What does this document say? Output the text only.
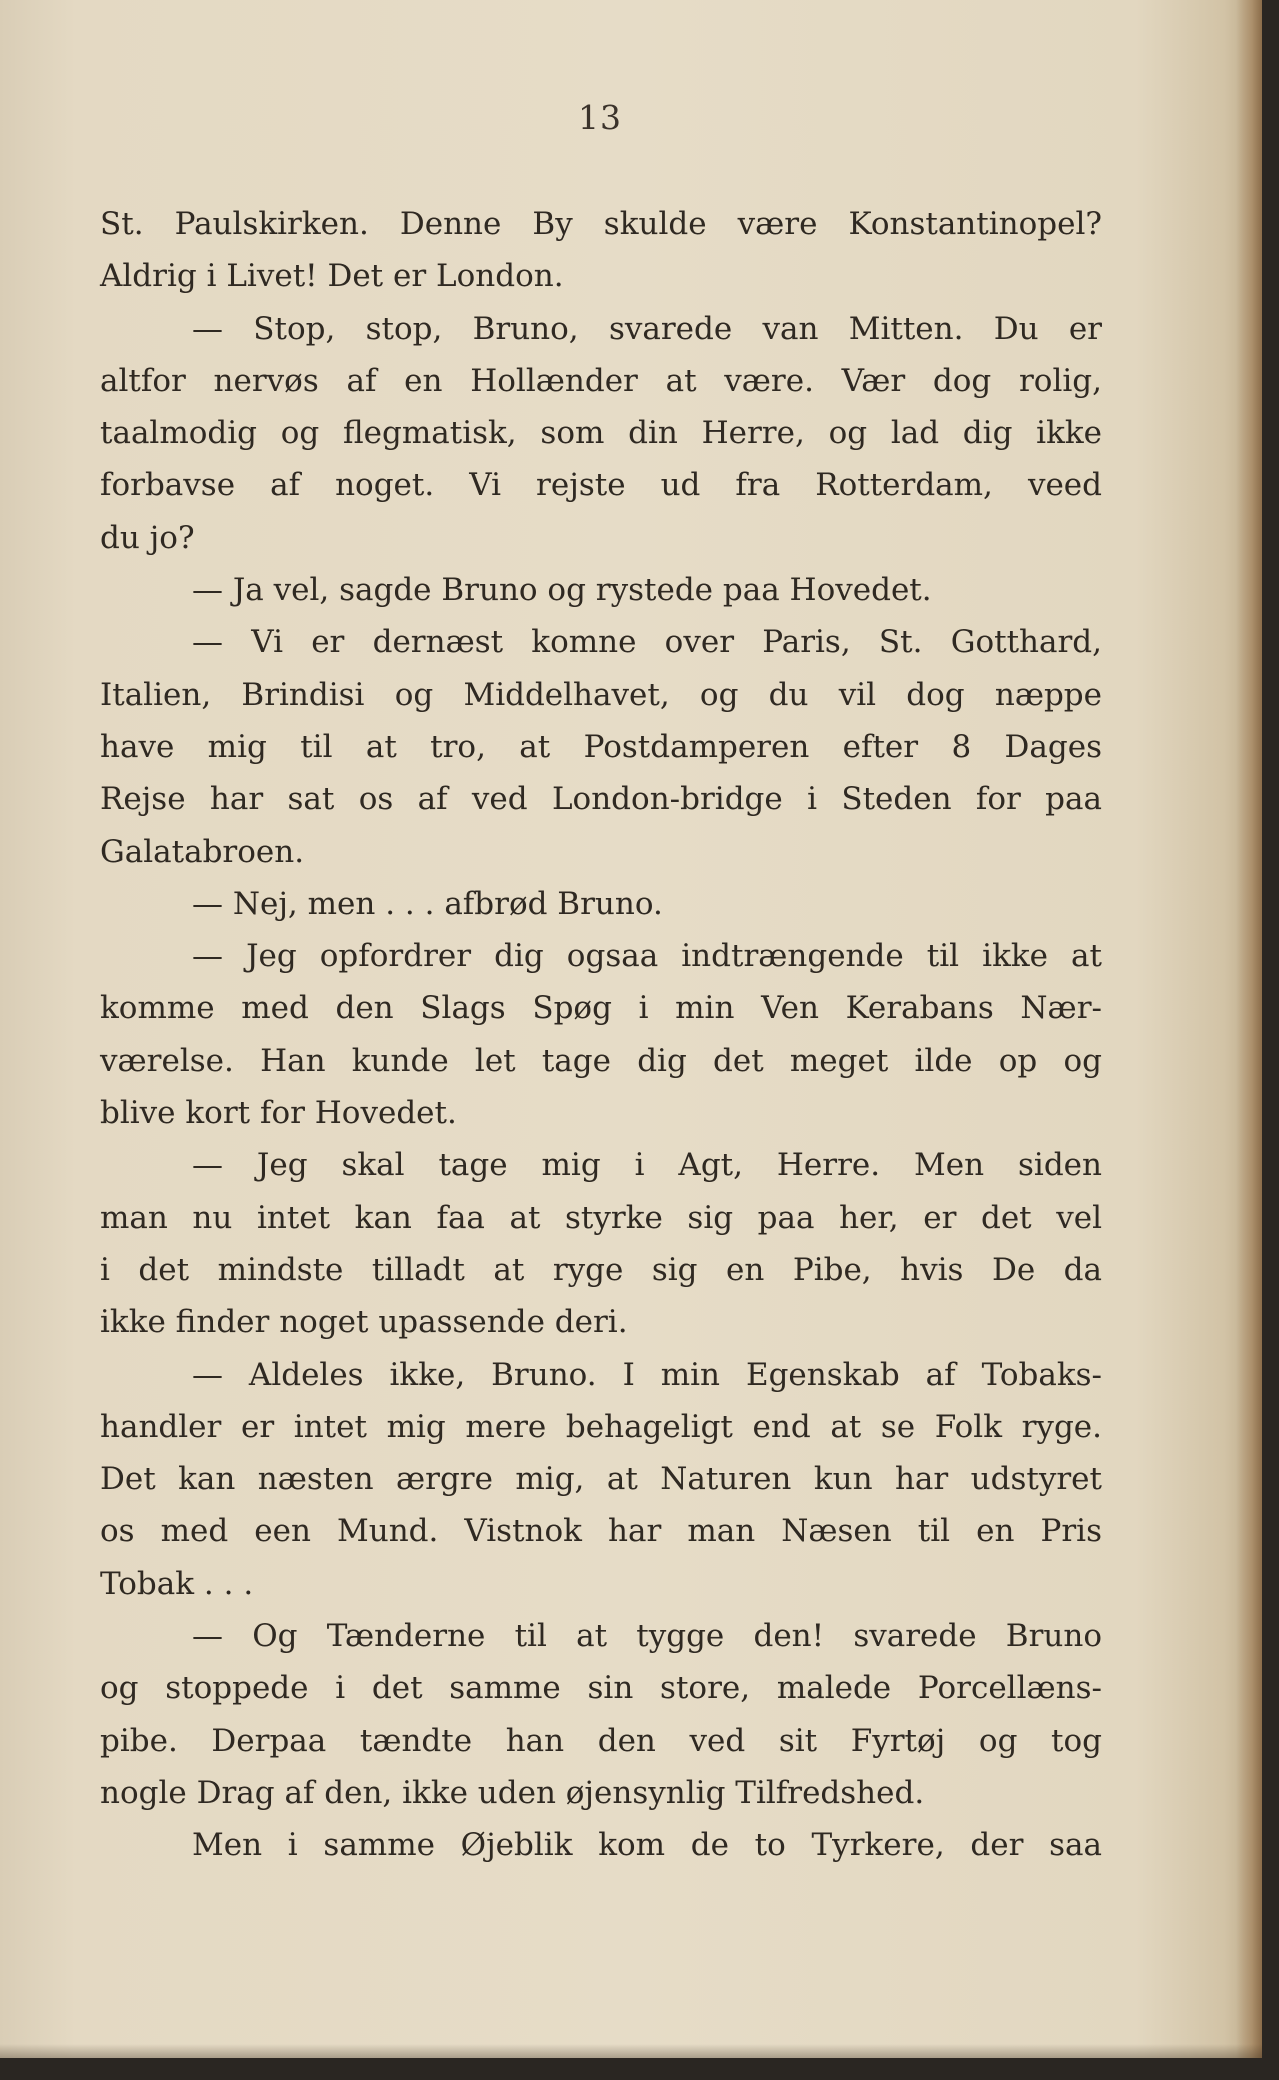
13
St. Paulskirken. Denne By skulde være Konstantinopel?
Aldrig i Livet! Det er London.
— Stop, stop, Bruno, svarede van Mitten. Du er
altfor nervøs af en Hollænder at være. Vær dog rolig,
taalmodig og flegmatisk, som din Herre, og lad dig ikke
forbavse af noget. Vi rejste ud fra Rotterdam, veed
du jo?
— Ja vel, sagde Bruno og rystede paa Hovedet.
— Vi er dernæst komne over Paris, St. Gotthard,
Italien, Brindisi og Middelhavet, og du vil dog næppe
have mig til at tro, at Postdamperen efter 8 Dages
Rejse har sat os af ved London-bridge i Steden for paa
Galatabroen.
— Nej, men . . . afbrød Bruno.
— Jeg opfordrer dig ogsaa indtrængende til ikke at
komme med den Slags Spøg i min Ven Kerabans Nær-
værelse. Han kunde let tage dig det meget ilde op og
blive kort for Hovedet.
— Jeg skal tage mig i Agt, Herre. Men siden
man nu intet kan faa at styrke sig paa her, er det vel
i det mindste tilladt at ryge sig en Pibe, hvis De da
ikke finder noget upassende deri.
— Aldeles ikke, Bruno. I min Egenskab af Tobaks-
handler er intet mig mere behageligt end at se Folk ryge.
Det kan næsten ærgre mig, at Naturen kun har udstyret
os med een Mund. Vistnok har man Næsen til en Pris
Tobak . . .
— Og Tænderne til at tygge den! svarede Bruno
og stoppede i det samme sin store, malede Porcellæns-
pibe. Derpaa tændte han den ved sit Fyrtøj og tog
nogle Drag af den, ikke uden øjensynlig Tilfredshed.
Men i samme Øjeblik kom de to Tyrkere, der saa
